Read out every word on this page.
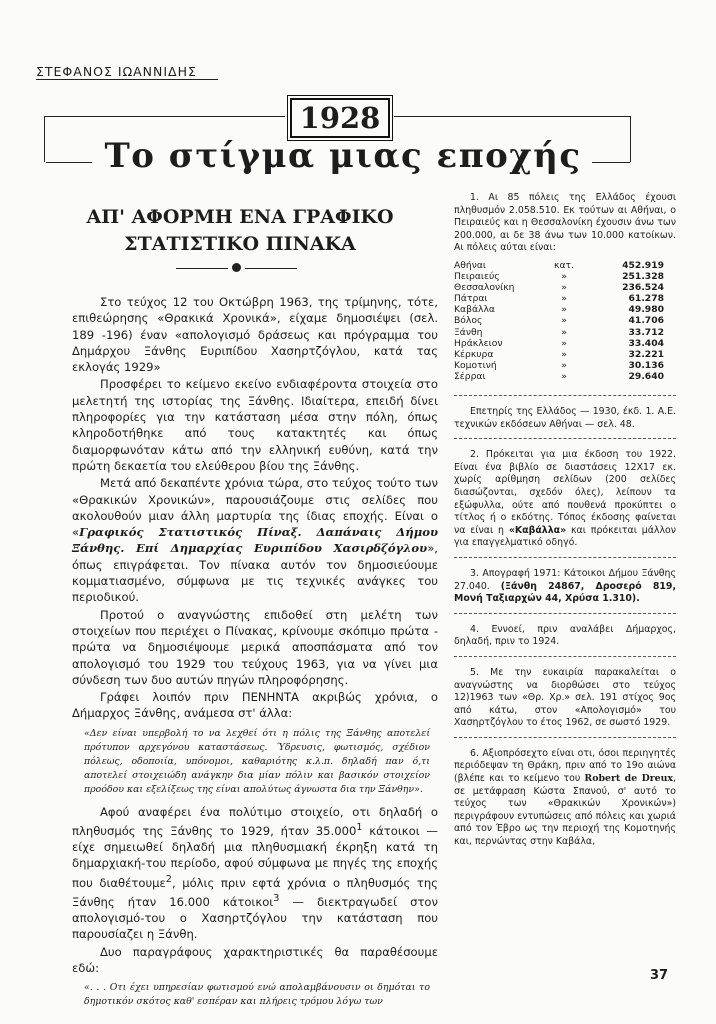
ΣΤΕΦΑΝΟΣ ΙΩΑΝΝΙΔΗΣ
1928
Το στίγμα μιας εποχής
ΑΠ' ΑΦΟΡΜΗ ΕΝΑ ΓΡΑΦΙΚΟ
ΣΤΑΤΙΣΤΙΚΟ ΠΙΝΑΚΑ

Στο τεύχος 12 του Οκτώβρη 1963, της τρίμηνης, τότε, επιθεώρησης «Θρακικά Χρονικά», είχαμε δημοσιέψει (σελ. 189 -196) έναν «απολογισμό δράσεως και πρόγραμμα του Δημάρχου Ξάνθης Ευριπίδου Χασηρτζόγλου, κατά τας εκλογάς 1929»

Προσφέρει το κείμενο εκείνο ενδιαφέροντα στοιχεία στο μελετητή της ιστορίας της Ξάνθης. Ιδιαίτερα, επειδή δίνει πληροφορίες για την κατάσταση μέσα στην πόλη, όπως κληροδοτήθηκε από τους κατακτητές και όπως διαμορφωνόταν κάτω από την ελληνική ευθύνη, κατά την πρώτη δεκαετία του ελεύθερου βίου της Ξάνθης.

Μετά από δεκαπέντε χρόνια τώρα, στο τεύχος τούτο των «Θρακικών Χρονικών», παρουσιάζουμε στις σελίδες που ακολουθούν μιαν άλλη μαρτυρία της ίδιας εποχής. Είναι ο «Γραφικός Στατιστικός Πίναξ. Δαπάναις Δήμου Ξάνθης. Επί Δημαρχίας Ευριπίδου Χασιρδζόγλου», όπως επιγράφεται. Τον πίνακα αυτόν τον δημοσιεύουμε κομματιασμένο, σύμφωνα με τις τεχνικές ανάγκες του περιοδικού.

Προτού ο αναγνώστης επιδοθεί στη μελέτη των στοιχείων που περιέχει ο Πίνακας, κρίνουμε σκόπιμο πρώτα - πρώτα να δημοσιέψουμε μερικά αποσπάσματα από τον απολογισμό του 1929 του τεύχους 1963, για να γίνει μια σύνδεση των δυο αυτών πηγών πληροφόρησης.

Γράφει λοιπόν πριν ΠΕΝΗΝΤΑ ακριβώς χρόνια, ο Δήμαρχος Ξάνθης, ανάμεσα στ' άλλα:

«Δεν είναι υπερβολή το να λεχθεί ότι η πόλις της Ξάνθης αποτελεί πρότυπον αρχεγόνου καταστάσεως. Ύδρευσις, φωτισμός, σχέδιον πόλεως, οδοποιία, υπόνομοι, καθαριότης κ.λ.π. δηλαδή παν ό,τι αποτελεί στοιχειώδη ανάγκην δια μίαν πόλιν και βασικόν στοιχείον προόδου και εξελίξεως της είναι απολύτως άγνωστα δια την Ξάνθην».

Αφού αναφέρει ένα πολύτιμο στοιχείο, οτι δηλαδή ο πληθυσμός της Ξάνθης το 1929, ήταν 35.000$^1$ κάτοικοι — είχε σημειωθεί δηλαδή μια πληθυσμιακή έκρηξη κατά τη δημαρχιακή-του περίοδο, αφού σύμφωνα με πηγές της εποχής που διαθέτουμε$^2$, μόλις πριν εφτά χρόνια ο πληθυσμός της Ξάνθης ήταν 16.000 κάτοικοι$^3$ — διεκτραγωδεί στον απολογισμό-του ο Χασηρτζόγλου την κατάσταση που παρουσίαζει η Ξάνθη.

Δυο παραγράφους χαρακτηριστικές θα παραθέσουμε εδώ:

«. . . Οτι έχει υπηρεσίαν φωτισμού ενώ απολαμβάνουσιν οι δημόται το δημοτικόν σκότος καθ' εσπέραν και πλήρεις τρόμου λόγω των

1. Αι 85 πόλεις της Ελλάδος έχουσι πληθυσμόν 2.058.510. Εκ τούτων αι Αθήναι, ο Πειραιεύς και η Θεσσαλονίκη έχουσιν άνω των 200.000, αι δε 38 άνω των 10.000 κατοίκων. Αι πόλεις αύται είναι:

Αθήναι	κατ.	452.919
Πειραιεύς	»	251.328
Θεσσαλονίκη	»	236.524
Πάτραι	»	61.278
Καβάλλα	»	49.980
Βόλος	»	41.706
Ξάνθη	»	33.712
Ηράκλειον	»	33.404
Κέρκυρα	»	32.221
Κομοτινή	»	30.136
Σέρραι	»	29.640

Επετηρίς της Ελλάδος — 1930, έκδ. 1. Α.Ε. τεχνικών εκδόσεων Αθήναι — σελ. 48.

2. Πρόκειται για μια έκδοση του 1922. Είναι ένα βιβλίο σε διαστάσεις 12Χ17 εκ. χωρίς αρίθμηση σελίδων (200 σελίδες διασώζονται, σχεδόν όλες), λείπουν τα εξώφυλλα, ούτε από πουθενά προκύπτει ο τίτλος ή ο εκδότης. Τόπος έκδοσης φαίνεται να είναι η «Καβάλλα» και πρόκειται μάλλον για επαγγελματικό οδηγό.

3. Απογραφή 1971: Κάτοικοι Δήμου Ξάνθης 27.040. (Ξάνθη 24867, Δροσερό 819, Μονή Ταξιαρχών 44, Χρύσα 1.310).

4. Εννοεί, πριν αναλάβει Δήμαρχος, δηλαδή, πριν το 1924.

5. Με την ευκαιρία παρακαλείται ο αναγνώστης να διορθώσει στο τεύχος 12)1963 των «Θρ. Χρ.» σελ. 191 στίχος 9ος από κάτω, στον «Απολογισμό» του Χασηρτζόγλου το έτος 1962, σε σωστό 1929.

6. Αξιοπρόσεχτο είναι οτι, όσοι περιηγητές περιόδεψαν τη Θράκη, πριν από το 19ο αιώνα (βλέπε και το κείμενο του Robert de Dreux, σε μετάφραση Κώστα Σπανού, σ' αυτό το τεύχος των «Θρακικών Χρονικών») περιγράφουν εντυπώσεις από πόλεις και χωριά από τον Έβρο ως την περιοχή της Κομοτηνής και, περνώντας στην Καβάλα,

37
